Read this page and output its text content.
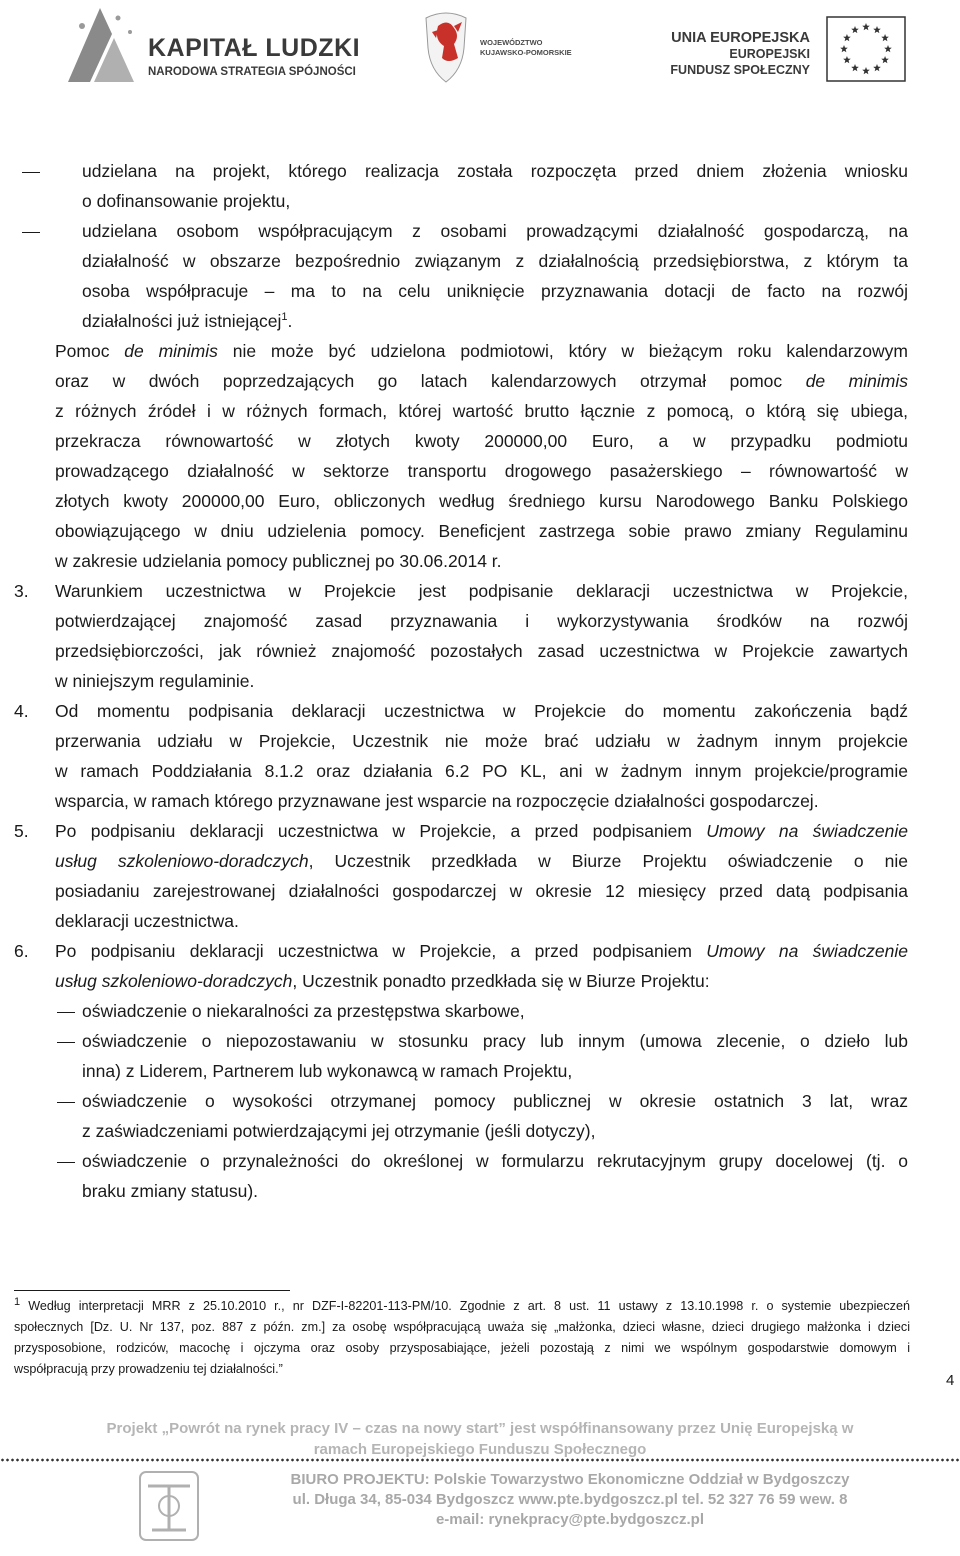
KAPITAŁ LUDZKI
NARODOWA STRATEGIA SPÓJNOŚCI
WOJEWÓDZTWO
KUJAWSKO-POMORSKIE
UNIA EUROPEJSKA
EUROPEJSKI
FUNDUSZ SPOŁECZNY
udzielana na projekt, którego realizacja została rozpoczęta przed dniem złożenia wniosku
o dofinansowanie projektu,
udzielana osobom współpracującym z osobami prowadzącymi działalność gospodarczą, na
działalność w obszarze bezpośrednio związanym z działalnością przedsiębiorstwa, z którym ta
osoba współpracuje – ma to na celu uniknięcie przyznawania dotacji de facto na rozwój
działalności już istniejącej$^1$.
Pomoc de minimis nie może być udzielona podmiotowi, który w bieżącym roku kalendarzowym
oraz w dwóch poprzedzających go latach kalendarzowych otrzymał pomoc de minimis
z różnych źródeł i w różnych formach, której wartość brutto łącznie z pomocą, o którą się ubiega,
przekracza równowartość w złotych kwoty 200000,00 Euro, a w przypadku podmiotu
prowadzącego działalność w sektorze transportu drogowego pasażerskiego – równowartość w
złotych kwoty 200000,00 Euro, obliczonych według średniego kursu Narodowego Banku Polskiego
obowiązującego w dniu udzielenia pomocy. Beneficjent zastrzega sobie prawo zmiany Regulaminu
w zakresie udzielania pomocy publicznej po 30.06.2014 r.
3.	Warunkiem uczestnictwa w Projekcie jest podpisanie deklaracji uczestnictwa w Projekcie,
potwierdzającej znajomość zasad przyznawania i wykorzystywania środków na rozwój
przedsiębiorczości, jak również znajomość pozostałych zasad uczestnictwa w Projekcie zawartych
w niniejszym regulaminie.
4.	Od momentu podpisania deklaracji uczestnictwa w Projekcie do momentu zakończenia bądź
przerwania udziału w Projekcie, Uczestnik nie może brać udziału w żadnym innym projekcie
w ramach Poddziałania 8.1.2 oraz działania 6.2 PO KL, ani w żadnym innym projekcie/programie
wsparcia, w ramach którego przyznawane jest wsparcie na rozpoczęcie działalności gospodarczej.
5.	Po podpisaniu deklaracji uczestnictwa w Projekcie, a przed podpisaniem Umowy na świadczenie
usług szkoleniowo-doradczych, Uczestnik przedkłada w Biurze Projektu oświadczenie o nie
posiadaniu zarejestrowanej działalności gospodarczej w okresie 12 miesięcy przed datą podpisania
deklaracji uczestnictwa.
6.	Po podpisaniu deklaracji uczestnictwa w Projekcie, a przed podpisaniem Umowy na świadczenie
usług szkoleniowo-doradczych, Uczestnik ponadto przedkłada się w Biurze Projektu:
oświadczenie o niekaralności za przestępstwa skarbowe,
oświadczenie o niepozostawaniu w stosunku pracy lub innym (umowa zlecenie, o dzieło lub
inna) z Liderem, Partnerem lub wykonawcą w ramach Projektu,
oświadczenie o wysokości otrzymanej pomocy publicznej w okresie ostatnich 3 lat, wraz
z zaświadczeniami potwierdzającymi jej otrzymanie (jeśli dotyczy),
oświadczenie o przynależności do określonej w formularzu rekrutacyjnym grupy docelowej (tj. o
braku zmiany statusu).
$^1$ Według interpretacji MRR z 25.10.2010 r., nr DZF-I-82201-113-PM/10. Zgodnie z art. 8 ust. 11 ustawy z 13.10.1998 r. o systemie ubezpieczeń
społecznych [Dz. U. Nr 137, poz. 887 z późn. zm.] za osobę współpracującą uważa się „małżonka, dzieci własne, dzieci drugiego małżonka i dzieci
przysposobione, rodziców, macochę i ojczyma oraz osoby przysposabiające, jeżeli pozostają z nimi we wspólnym gospodarstwie domowym i
współpracują przy prowadzeniu tej działalności.”
4
Projekt „Powrót na rynek pracy IV – czas na nowy start” jest współfinansowany przez Unię Europejską w
ramach Europejskiego Funduszu Społecznego
BIURO PROJEKTU: Polskie Towarzystwo Ekonomiczne Oddział w Bydgoszczy
ul. Długa 34, 85-034 Bydgoszcz www.pte.bydgoszcz.pl tel. 52 327 76 59 wew. 8
e-mail: rynekpracy@pte.bydgoszcz.pl
